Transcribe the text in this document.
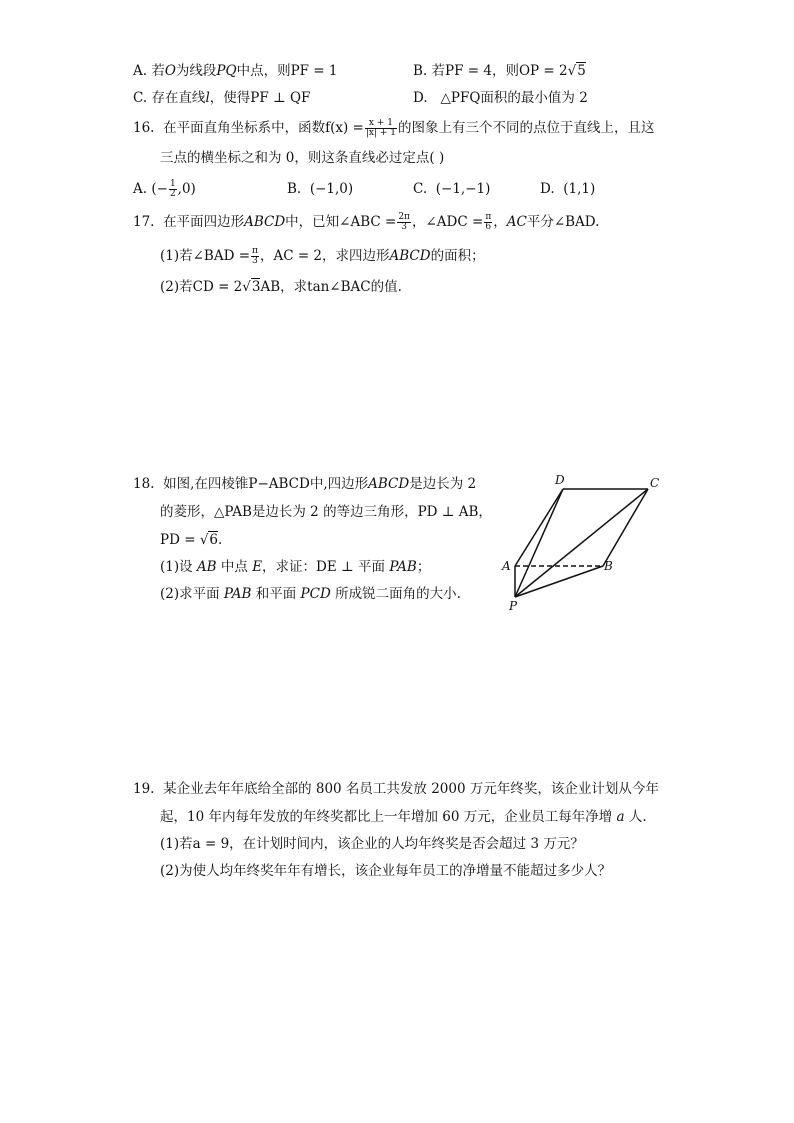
A. 若O为线段PQ中点，则PF = 1	B. 若PF = 4，则OP = 2√5
C. 存在直线l，使得PF ⊥ QF	D. △PFQ面积的最小值为 2
16. 在平面直角坐标系中，函数$f(x) = \frac{x + 1}{|x| + 1}$ 的图象上有三个不同的点位于直线上，且这
三点的横坐标之和为 0，则这条直线必过定点( )
A. (− $\frac{1}{2} ,0$)	B. (−1,0)	C. (−1,−1)	D. (1,1)
17. 在平面四边形ABCD中，已知∠ABC = $\frac{2\pi}{3}$ ，∠ADC = $\frac{\pi}{6}$ ，AC平分∠BAD.
(1)若∠BAD = $\frac{\pi}{3}$ ，AC = 2，求四边形ABCD的面积；
(2)若CD = 2√3AB，求tan∠BAC的值.
18. 如图,在四棱锥P−ABCD中,四边形ABCD是边长为 2
的菱形，△PAB是边长为 2 的等边三角形，PD ⊥ AB，
PD = √6.
(1)设 AB 中点 E，求证：DE ⊥ 平面 PAB；
(2)求平面 PAB 和平面 PCD 所成锐二面角的大小.
D	C
A	B
P
19. 某企业去年年底给全部的 800 名员工共发放 2000 万元年终奖，该企业计划从今年
起，10 年内每年发放的年终奖都比上一年增加 60 万元，企业员工每年净增 a 人.
(1)若a = 9，在计划时间内，该企业的人均年终奖是否会超过 3 万元？
(2)为使人均年终奖年年有增长，该企业每年员工的净增量不能超过多少人？
